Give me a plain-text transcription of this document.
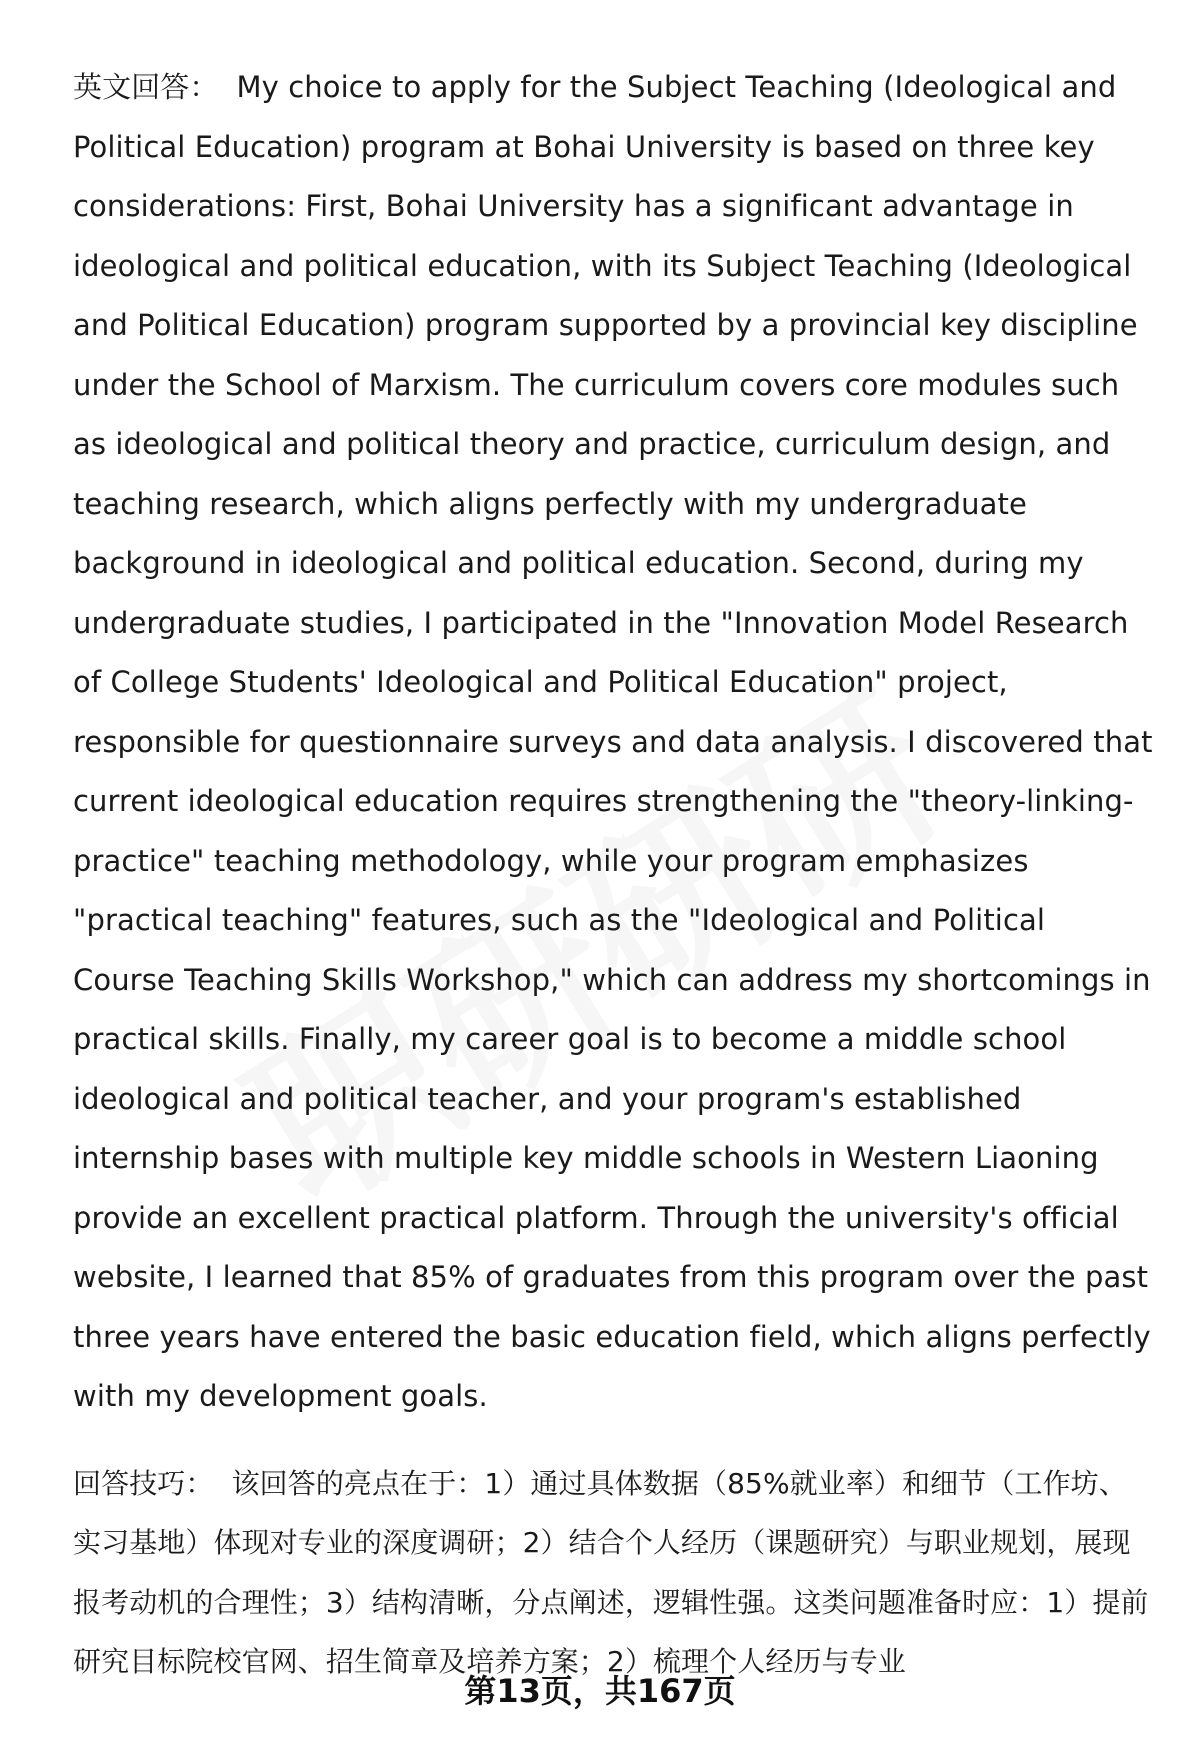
英文回答： My choice to apply for the Subject Teaching (Ideological and Political Education) program at Bohai University is based on three key considerations: First, Bohai University has a significant advantage in ideological and political education, with its Subject Teaching (Ideological and Political Education) program supported by a provincial key discipline under the School of Marxism. The curriculum covers core modules such as ideological and political theory and practice, curriculum design, and teaching research, which aligns perfectly with my undergraduate background in ideological and political education. Second, during my undergraduate studies, I participated in the "Innovation Model Research of College Students' Ideological and Political Education" project, responsible for questionnaire surveys and data analysis. I discovered that current ideological education requires strengthening the "theory-linking-practice" teaching methodology, while your program emphasizes "practical teaching" features, such as the "Ideological and Political Course Teaching Skills Workshop," which can address my shortcomings in practical skills. Finally, my career goal is to become a middle school ideological and political teacher, and your program's established internship bases with multiple key middle schools in Western Liaoning provide an excellent practical platform. Through the university's official website, I learned that 85% of graduates from this program over the past three years have entered the basic education field, which aligns perfectly with my development goals.

回答技巧： 该回答的亮点在于：1）通过具体数据（85%就业率）和细节（工作坊、实习基地）体现对专业的深度调研；2）结合个人经历（课题研究）与职业规划，展现报考动机的合理性；3）结构清晰，分点阐述，逻辑性强。这类问题准备时应：1）提前研究目标院校官网、招生简章及培养方案；2）梳理个人经历与专业

第13页，共167页
